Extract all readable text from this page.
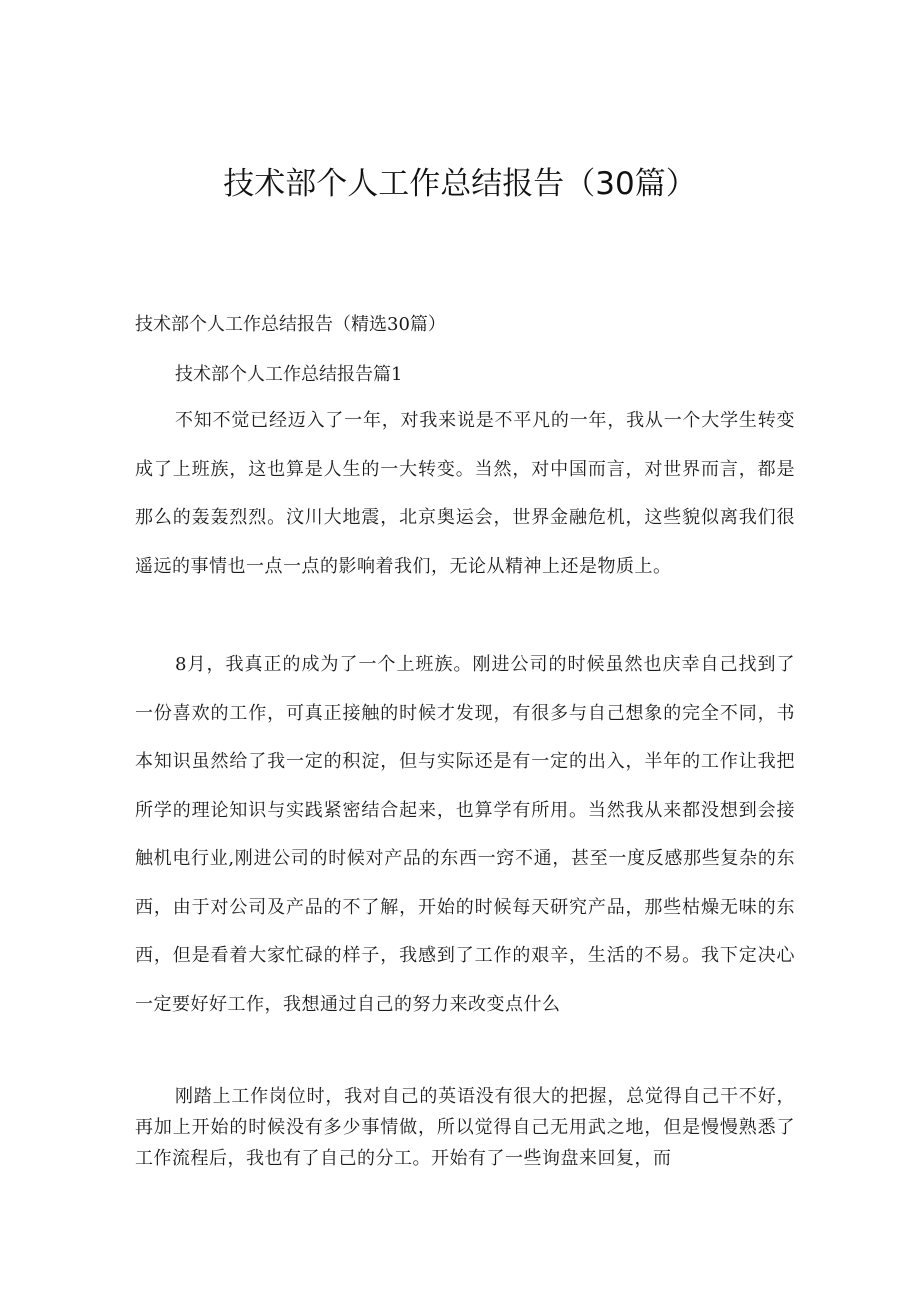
技术部个人工作总结报告（30篇）

技术部个人工作总结报告（精选30篇）

技术部个人工作总结报告篇1

不知不觉已经迈入了一年，对我来说是不平凡的一年，我从一个大学生转变成了上班族，这也算是人生的一大转变。当然，对中国而言，对世界而言，都是那么的轰轰烈烈。汶川大地震，北京奥运会，世界金融危机，这些貌似离我们很遥远的事情也一点一点的影响着我们，无论从精神上还是物质上。

8月，我真正的成为了一个上班族。刚进公司的时候虽然也庆幸自己找到了一份喜欢的工作，可真正接触的时候才发现，有很多与自己想象的完全不同，书本知识虽然给了我一定的积淀，但与实际还是有一定的出入，半年的工作让我把所学的理论知识与实践紧密结合起来，也算学有所用。当然我从来都没想到会接触机电行业,刚进公司的时候对产品的东西一窍不通，甚至一度反感那些复杂的东西，由于对公司及产品的不了解，开始的时候每天研究产品，那些枯燥无味的东西，但是看着大家忙碌的样子，我感到了工作的艰辛，生活的不易。我下定决心一定要好好工作，我想通过自己的努力来改变点什么

刚踏上工作岗位时，我对自己的英语没有很大的把握，总觉得自己干不好，再加上开始的时候没有多少事情做，所以觉得自己无用武之地，但是慢慢熟悉了工作流程后，我也有了自己的分工。开始有了一些询盘来回复，而
